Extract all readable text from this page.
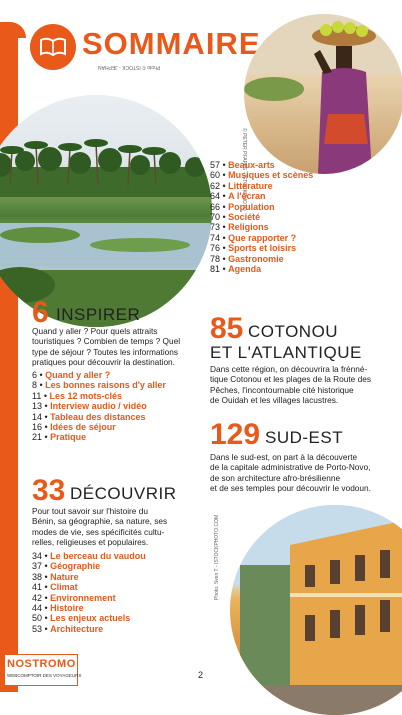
SOMMAIRE
Photo © ISTOCK - JEPHAN
© PETER PFAFFS - ISTOCKPHOTO
57 • Beaux-arts
60 • Musiques et scènes
62 • Littérature
64 • A l'écran
66 • Population
70 • Société
73 • Religions
74 • Que rapporter ?
76 • Sports et loisirs
78 • Gastronomie
81 • Agenda
6 INSPIRER
Quand y aller ? Pour quels attraits
touristiques ? Combien de temps ? Quel
type de séjour ? Toutes les informations
pratiques pour découvrir la destination.
6 • Quand y aller ?
8 • Les bonnes raisons d'y aller
11 • Les 12 mots-clés
13 • Interview audio / vidéo
14 • Tableau des distances
16 • Idées de séjour
21 • Pratique
85 COTONOU
ET L'ATLANTIQUE
Dans cette région, on découvrira la frénné-
tique Cotonou et les plages de la Route des
Pêches, l'incontournable cité historique
de Ouidah et les villages lacustres.
129 SUD-EST
Dans le sud-est, on part à la découverte
de la capitale administrative de Porto-Novo,
de son architecture afro-brésilienne
et de ses temples pour découvrir le vodoun.
33 DÉCOUVRIR
Pour tout savoir sur l'histoire du
Bénin, sa géographie, sa nature, ses
modes de vie, ses spécificités cultu-
relles, religieuses et populaires.
34 • Le berceau du vaudou
37 • Géographie
38 • Nature
41 • Climat
42 • Environnement
44 • Histoire
50 • Les enjeux actuels
53 • Architecture
Photo: Sven T - ISTOCKPHOTO.COM
NOSTROMO
WEBCOMPTOIR DES VOYAGEURS	2
